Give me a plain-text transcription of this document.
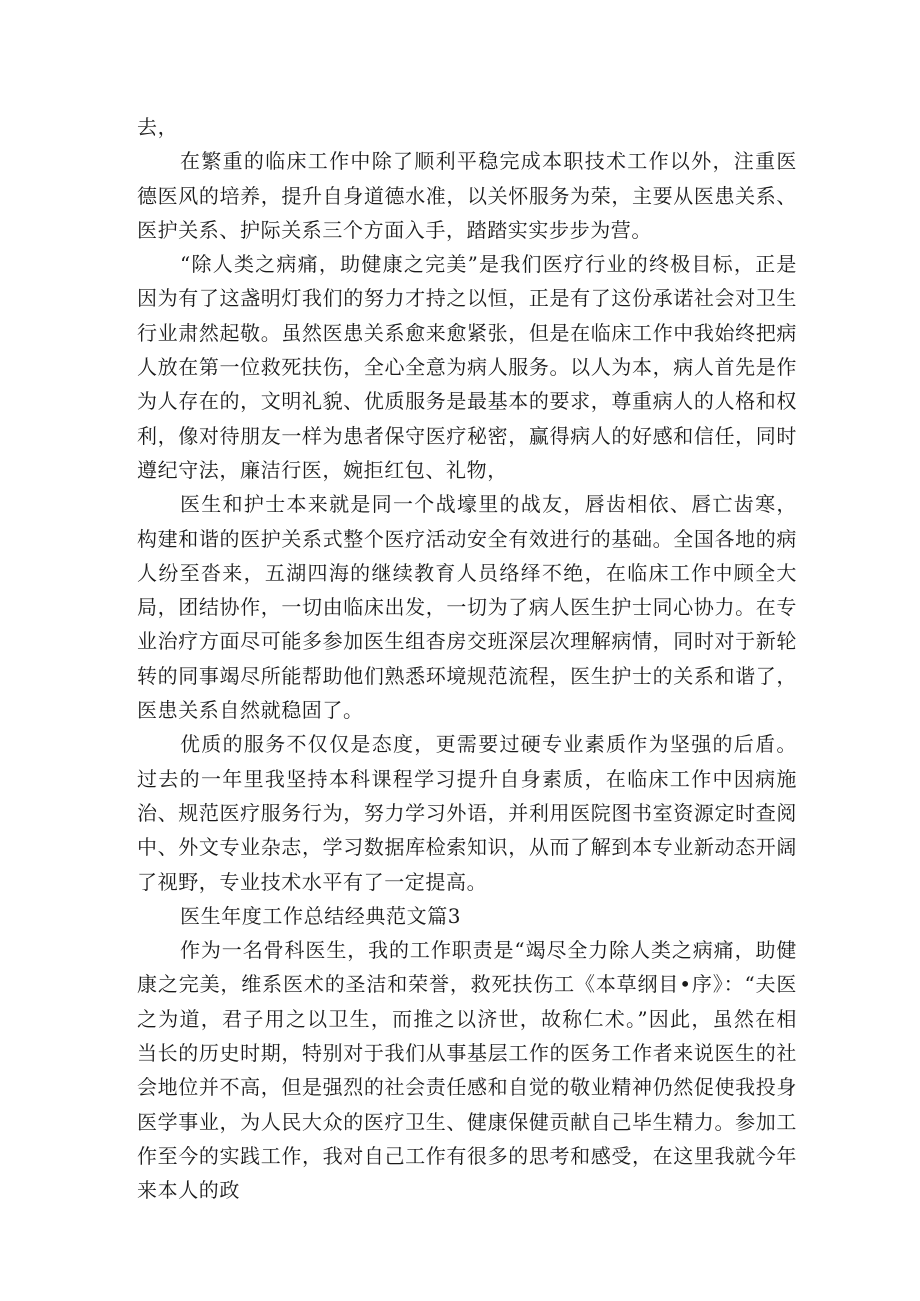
去，

在繁重的临床工作中除了顺利平稳完成本职技术工作以外，注重医德医风的培养，提升自身道德水准，以关怀服务为荣，主要从医患关系、医护关系、护际关系三个方面入手，踏踏实实步步为营。

“除人类之病痛，助健康之完美”是我们医疗行业的终极目标，正是因为有了这盏明灯我们的努力才持之以恒，正是有了这份承诺社会对卫生行业肃然起敬。虽然医患关系愈来愈紧张，但是在临床工作中我始终把病人放在第一位救死扶伤，全心全意为病人服务。以人为本，病人首先是作为人存在的，文明礼貌、优质服务是最基本的要求，尊重病人的人格和权利，像对待朋友一样为患者保守医疗秘密，赢得病人的好感和信任，同时遵纪守法，廉洁行医，婉拒红包、礼物，

医生和护士本来就是同一个战壕里的战友，唇齿相依、唇亡齿寒，构建和谐的医护关系式整个医疗活动安全有效进行的基础。全国各地的病人纷至沓来，五湖四海的继续教育人员络绎不绝，在临床工作中顾全大局，团结协作，一切由临床出发，一切为了病人医生护士同心协力。在专业治疗方面尽可能多参加医生组杳房交班深层次理解病情，同时对于新轮转的同事竭尽所能帮助他们熟悉环境规范流程，医生护士的关系和谐了，医患关系自然就稳固了。

优质的服务不仅仅是态度，更需要过硬专业素质作为坚强的后盾。过去的一年里我坚持本科课程学习提升自身素质，在临床工作中因病施治、规范医疗服务行为，努力学习外语，并利用医院图书室资源定时查阅中、外文专业杂志，学习数据库检索知识，从而了解到本专业新动态开阔了视野，专业技术水平有了一定提高。

医生年度工作总结经典范文篇3

作为一名骨科医生，我的工作职责是“竭尽全力除人类之病痛，助健康之完美，维系医术的圣洁和荣誉，救死扶伤工《本草纲目•序》：“夫医之为道，君子用之以卫生，而推之以济世，故称仁术。”因此，虽然在相当长的历史时期，特别对于我们从事基层工作的医务工作者来说医生的社会地位并不高，但是强烈的社会责任感和自觉的敬业精神仍然促使我投身医学事业，为人民大众的医疗卫生、健康保健贡献自己毕生精力。参加工作至今的实践工作，我对自己工作有很多的思考和感受，在这里我就今年来本人的政
